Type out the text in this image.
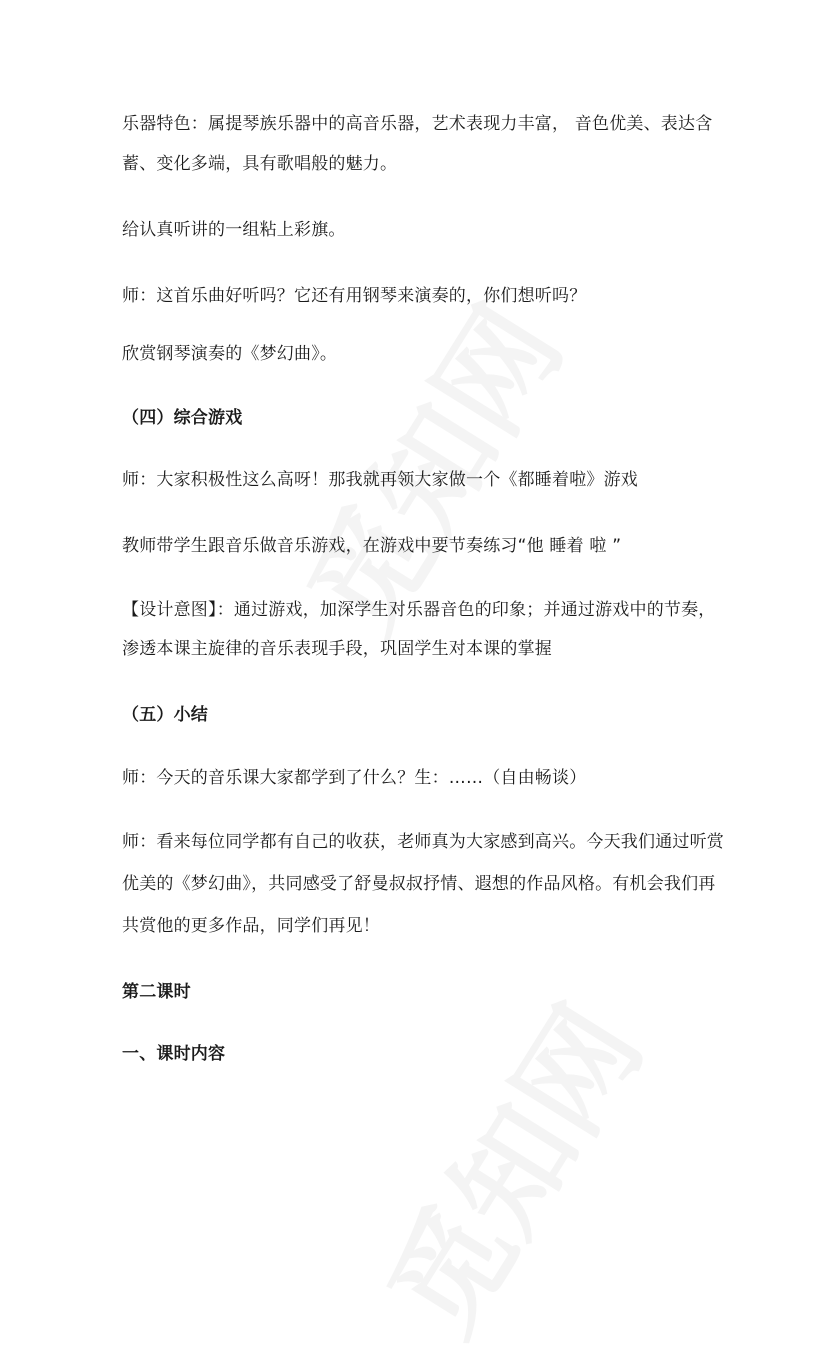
乐器特色：属提琴族乐器中的高音乐器，艺术表现力丰富， 音色优美、表达含
蓄、变化多端，具有歌唱般的魅力。
给认真听讲的一组粘上彩旗。
师：这首乐曲好听吗？它还有用钢琴来演奏的，你们想听吗？
欣赏钢琴演奏的《梦幻曲》。
（四）综合游戏
师：大家积极性这么高呀！那我就再领大家做一个《都睡着啦》游戏
教师带学生跟音乐做音乐游戏，在游戏中要节奏练习“他 睡着 啦 ”
【设计意图】：通过游戏，加深学生对乐器音色的印象；并通过游戏中的节奏，
渗透本课主旋律的音乐表现手段，巩固学生对本课的掌握
（五）小结
师：今天的音乐课大家都学到了什么？生：……（自由畅谈）
师：看来每位同学都有自己的收获，老师真为大家感到高兴。今天我们通过听赏
优美的《梦幻曲》，共同感受了舒曼叔叔抒情、遐想的作品风格。有机会我们再
共赏他的更多作品，同学们再见！
第二课时
一、课时内容
